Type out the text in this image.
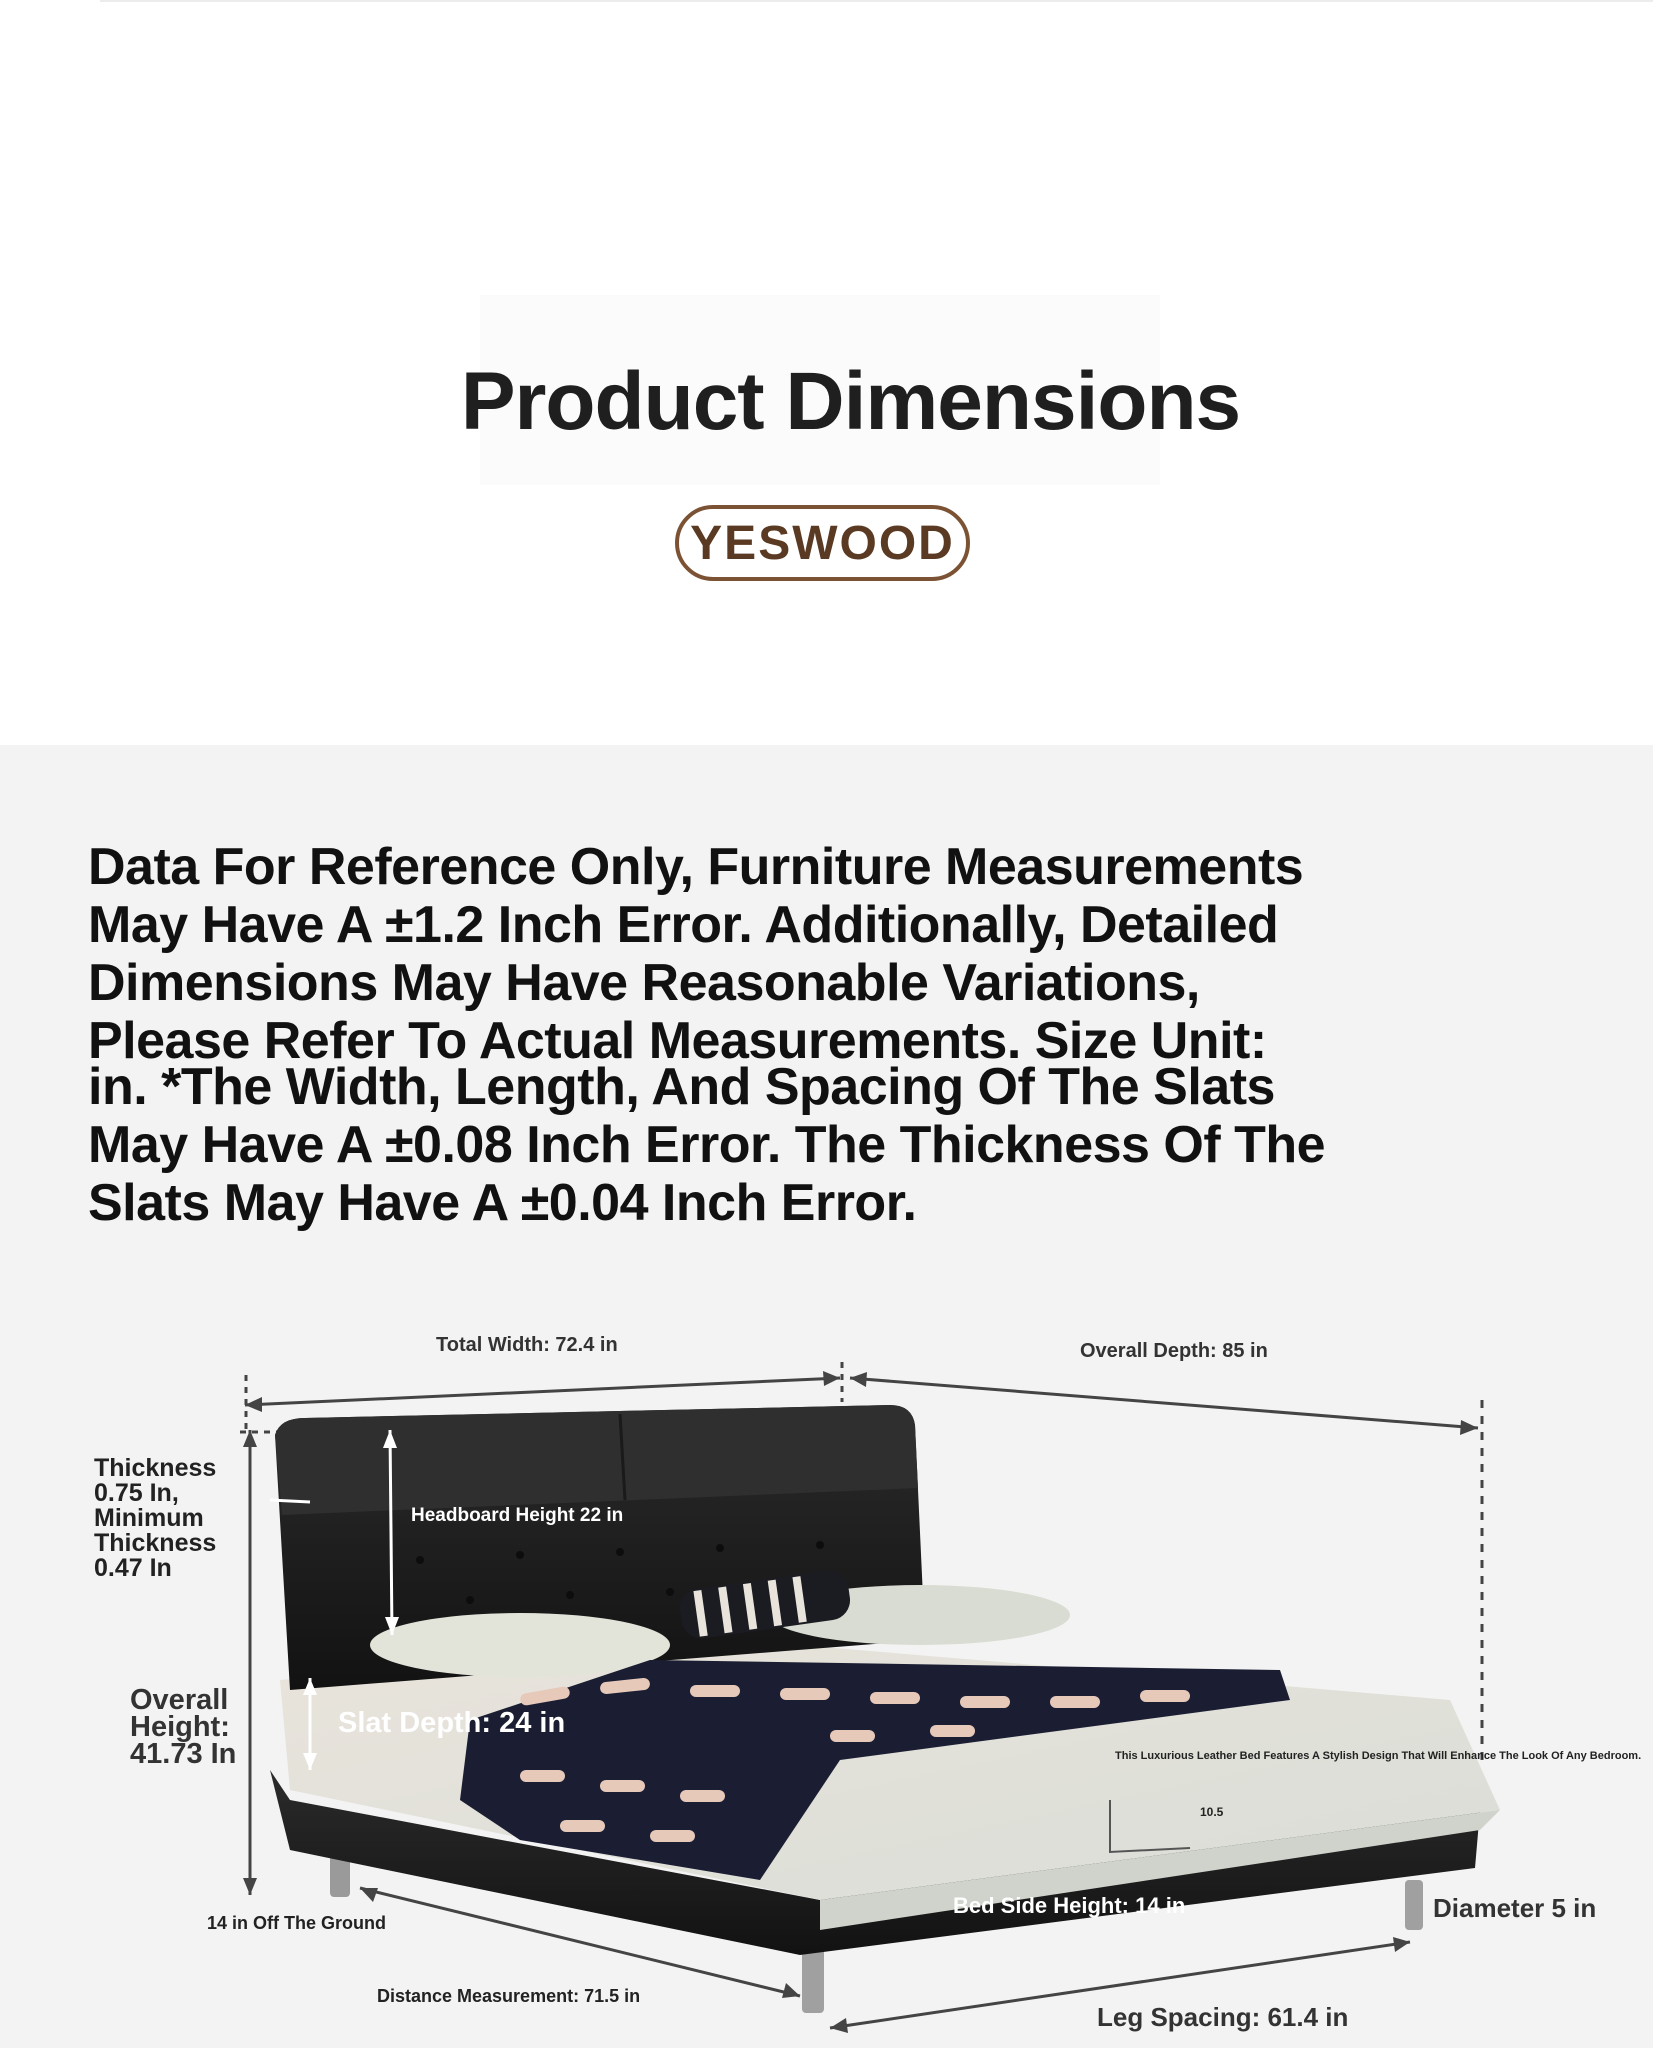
Product Dimensions
YESWOOD

Data For Reference Only, Furniture Measurements May Have A ±1.2 Inch Error. Additionally, Detailed Dimensions May Have Reasonable Variations, Please Refer To Actual Measurements. Size Unit:

in. *The Width, Length, And Spacing Of The Slats May Have A ±0.08 Inch Error. The Thickness Of The Slats May Have A ±0.04 Inch Error.

Total Width: 72.4 in	Overall Depth: 85 in
Thickness 0.75 In, Minimum Thickness 0.47 In
Headboard Height 22 in
Overall Height: 41.73 In
Slat Depth: 24 in
This Luxurious Leather Bed Features A Stylish Design That Will Enhance The Look Of Any Bedroom.
10.5
Bed Side Height: 14 in	Diameter 5 in
14 in Off The Ground
Distance Measurement: 71.5 in
Leg Spacing: 61.4 in
